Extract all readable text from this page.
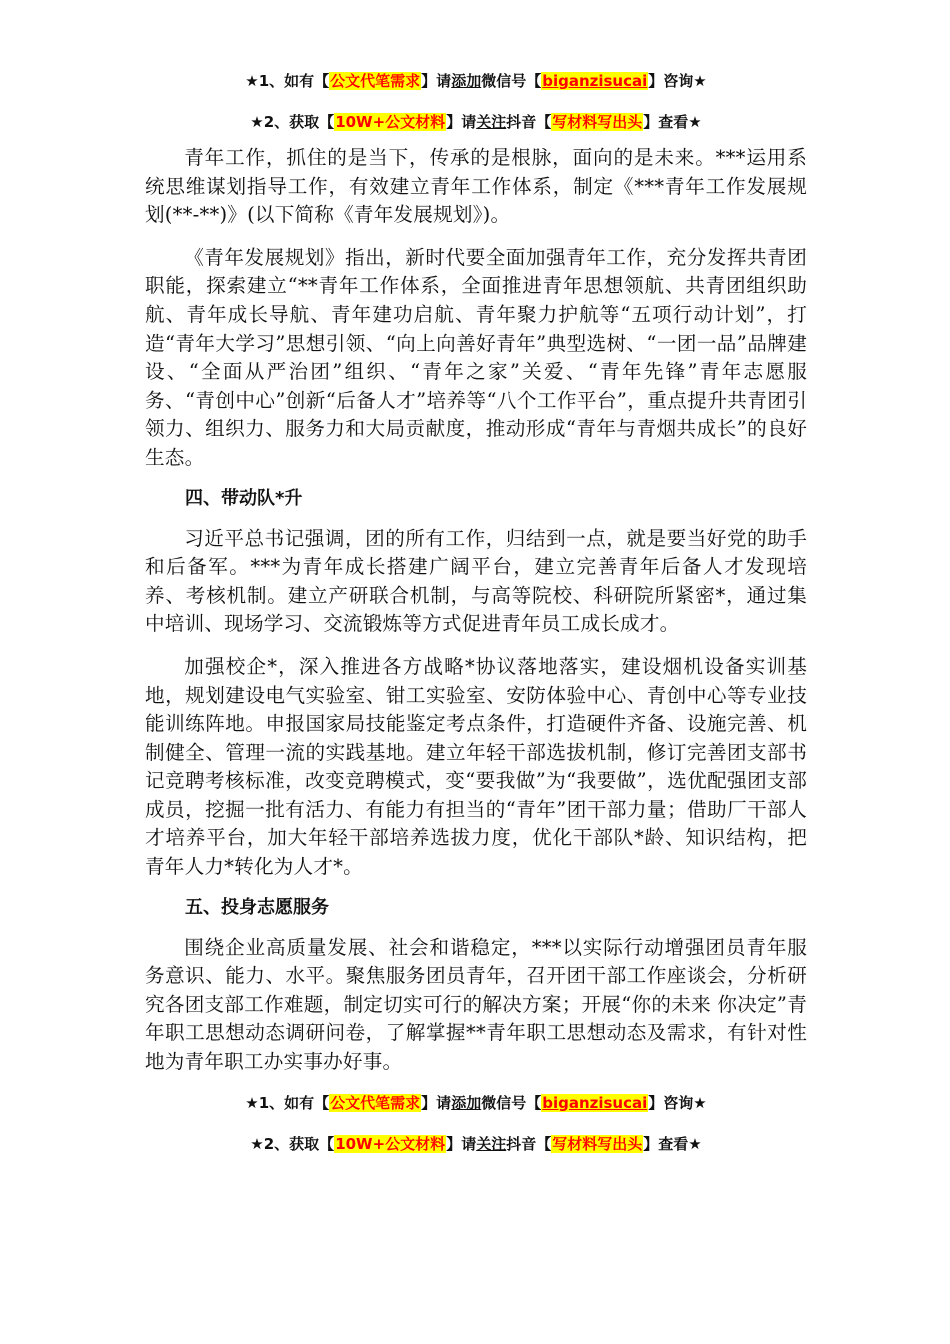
★1、如有【公文代笔需求】请添加微信号【biganzisucai】咨询★
★2、获取【10W+公文材料】请关注抖音【写材料写出头】查看★

青年工作，抓住的是当下，传承的是根脉，面向的是未来。***运用系统思维谋划指导工作，有效建立青年工作体系，制定《***青年工作发展规划(**-**)》(以下简称《青年发展规划》)。

《青年发展规划》指出，新时代要全面加强青年工作，充分发挥共青团职能，探索建立“**青年工作体系，全面推进青年思想领航、共青团组织助航、青年成长导航、青年建功启航、青年聚力护航等“五项行动计划”，打造“青年大学习”思想引领、“向上向善好青年”典型选树、“一团一品”品牌建设、“全面从严治团”组织、“青年之家”关爱、“青年先锋”青年志愿服务、“青创中心”创新“后备人才”培养等“八个工作平台”，重点提升共青团引领力、组织力、服务力和大局贡献度，推动形成“青年与青烟共成长”的良好生态。

四、带动队*升

习近平总书记强调，团的所有工作，归结到一点，就是要当好党的助手和后备军。***为青年成长搭建广阔平台，建立完善青年后备人才发现培养、考核机制。建立产研联合机制，与高等院校、科研院所紧密*，通过集中培训、现场学习、交流锻炼等方式促进青年员工成长成才。

加强校企*，深入推进各方战略*协议落地落实，建设烟机设备实训基地，规划建设电气实验室、钳工实验室、安防体验中心、青创中心等专业技能训练阵地。申报国家局技能鉴定考点条件，打造硬件齐备、设施完善、机制健全、管理一流的实践基地。建立年轻干部选拔机制，修订完善团支部书记竞聘考核标准，改变竞聘模式，变“要我做”为“我要做”，选优配强团支部成员，挖掘一批有活力、有能力有担当的“青年”团干部力量；借助厂干部人才培养平台，加大年轻干部培养选拔力度，优化干部队*龄、知识结构，把青年人力*转化为人才*。

五、投身志愿服务

围绕企业高质量发展、社会和谐稳定，***以实际行动增强团员青年服务意识、能力、水平。聚焦服务团员青年，召开团干部工作座谈会，分析研究各团支部工作难题，制定切实可行的解决方案；开展“你的未来 你决定”青年职工思想动态调研问卷，了解掌握**青年职工思想动态及需求，有针对性地为青年职工办实事办好事。

★1、如有【公文代笔需求】请添加微信号【biganzisucai】咨询★
★2、获取【10W+公文材料】请关注抖音【写材料写出头】查看★
